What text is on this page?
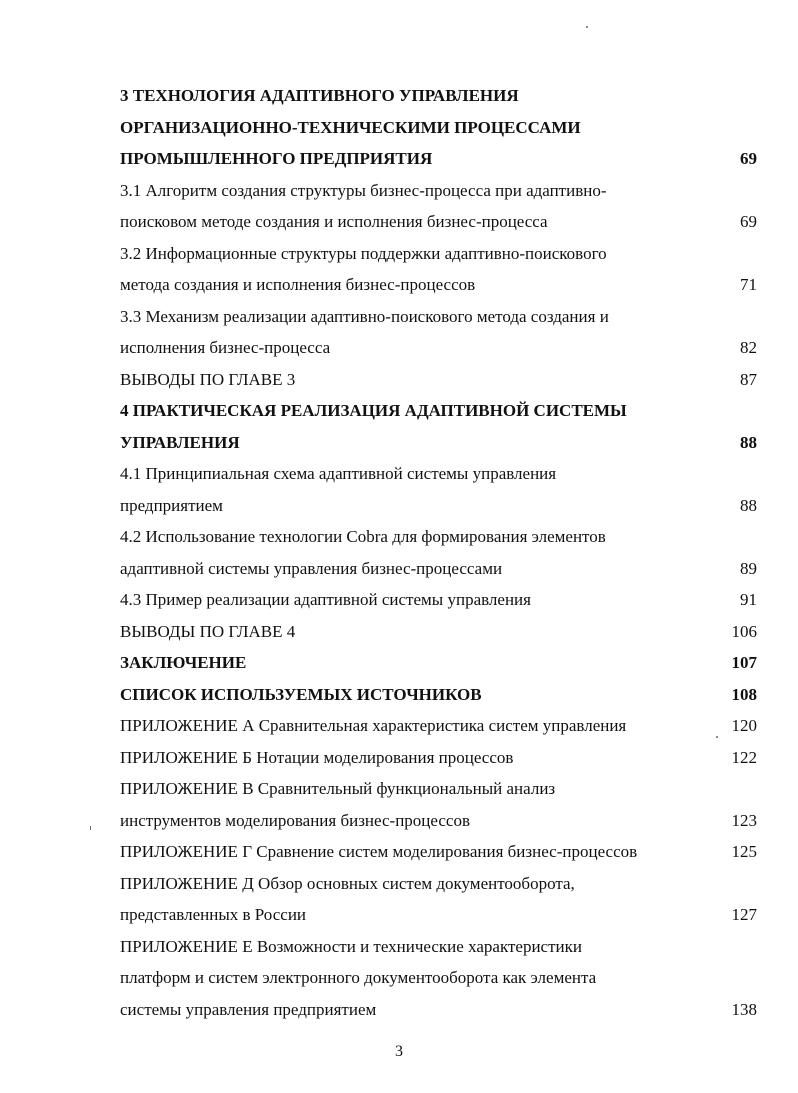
3 ТЕХНОЛОГИЯ АДАПТИВНОГО УПРАВЛЕНИЯ
ОРГАНИЗАЦИОННО-ТЕХНИЧЕСКИМИ ПРОЦЕССАМИ
ПРОМЫШЛЕННОГО ПРЕДПРИЯТИЯ	69
3.1 Алгоритм создания структуры бизнес-процесса при адаптивно-
поисковом методе создания и исполнения бизнес-процесса	69
3.2 Информационные структуры поддержки адаптивно-поискового
метода создания и исполнения бизнес-процессов	71
3.3 Механизм реализации адаптивно-поискового метода создания и
исполнения бизнес-процесса	82
ВЫВОДЫ ПО ГЛАВЕ 3	87
4 ПРАКТИЧЕСКАЯ РЕАЛИЗАЦИЯ АДАПТИВНОЙ СИСТЕМЫ
УПРАВЛЕНИЯ	88
4.1 Принципиальная схема адаптивной системы управления
предприятием	88
4.2 Использование технологии Cobra для формирования элементов
адаптивной системы управления бизнес-процессами	89
4.3 Пример реализации адаптивной системы управления	91
ВЫВОДЫ ПО ГЛАВЕ 4	106
ЗАКЛЮЧЕНИЕ	107
СПИСОК ИСПОЛЬЗУЕМЫХ ИСТОЧНИКОВ	108
ПРИЛОЖЕНИЕ А Сравнительная характеристика систем управления	120
ПРИЛОЖЕНИЕ Б Нотации моделирования процессов	122
ПРИЛОЖЕНИЕ В Сравнительный функциональный анализ
инструментов моделирования бизнес-процессов	123
ПРИЛОЖЕНИЕ Г Сравнение систем моделирования бизнес-процессов	125
ПРИЛОЖЕНИЕ Д Обзор основных систем документооборота,
представленных в России	127
ПРИЛОЖЕНИЕ Е Возможности и технические характеристики
платформ и систем электронного документооборота как элемента
системы управления предприятием	138
3
